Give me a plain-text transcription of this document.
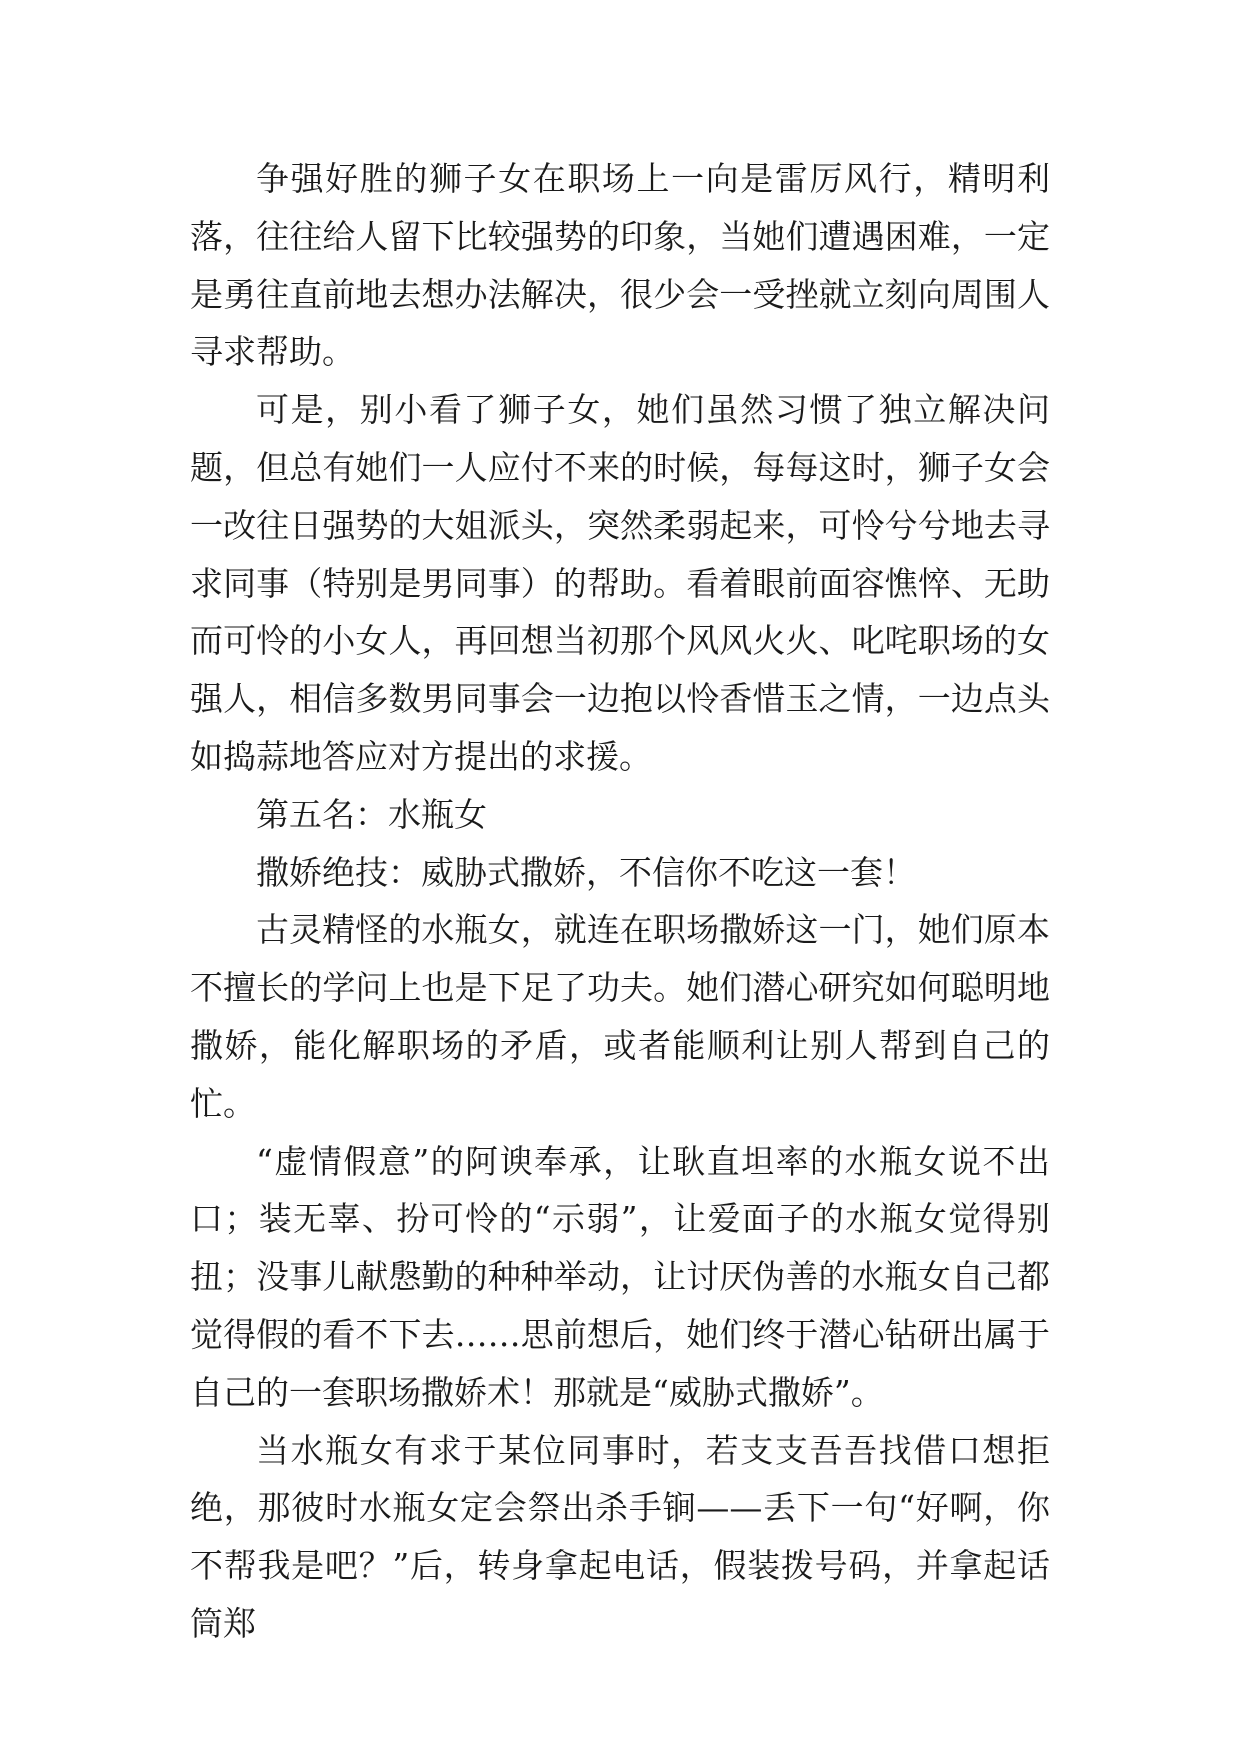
争强好胜的狮子女在职场上一向是雷厉风行，精明利落，往往给人留下比较强势的印象，当她们遭遇困难，一定是勇往直前地去想办法解决，很少会一受挫就立刻向周围人寻求帮助。

可是，别小看了狮子女，她们虽然习惯了独立解决问题，但总有她们一人应付不来的时候，每每这时，狮子女会一改往日强势的大姐派头，突然柔弱起来，可怜兮兮地去寻求同事（特别是男同事）的帮助。看着眼前面容憔悴、无助而可怜的小女人，再回想当初那个风风火火、叱咤职场的女强人，相信多数男同事会一边抱以怜香惜玉之情，一边点头如捣蒜地答应对方提出的求援。

第五名：水瓶女

撒娇绝技：威胁式撒娇，不信你不吃这一套！

古灵精怪的水瓶女，就连在职场撒娇这一门，她们原本不擅长的学问上也是下足了功夫。她们潜心研究如何聪明地撒娇，能化解职场的矛盾，或者能顺利让别人帮到自己的忙。

“虚情假意”的阿谀奉承，让耿直坦率的水瓶女说不出口；装无辜、扮可怜的“示弱”，让爱面子的水瓶女觉得别扭；没事儿献慇勤的种种举动，让讨厌伪善的水瓶女自己都觉得假的看不下去……思前想后，她们终于潜心钻研出属于自己的一套职场撒娇术！那就是“威胁式撒娇”。

当水瓶女有求于某位同事时，若支支吾吾找借口想拒绝，那彼时水瓶女定会祭出杀手锏——丢下一句“好啊，你不帮我是吧？”后，转身拿起电话，假装拨号码，并拿起话筒郑
